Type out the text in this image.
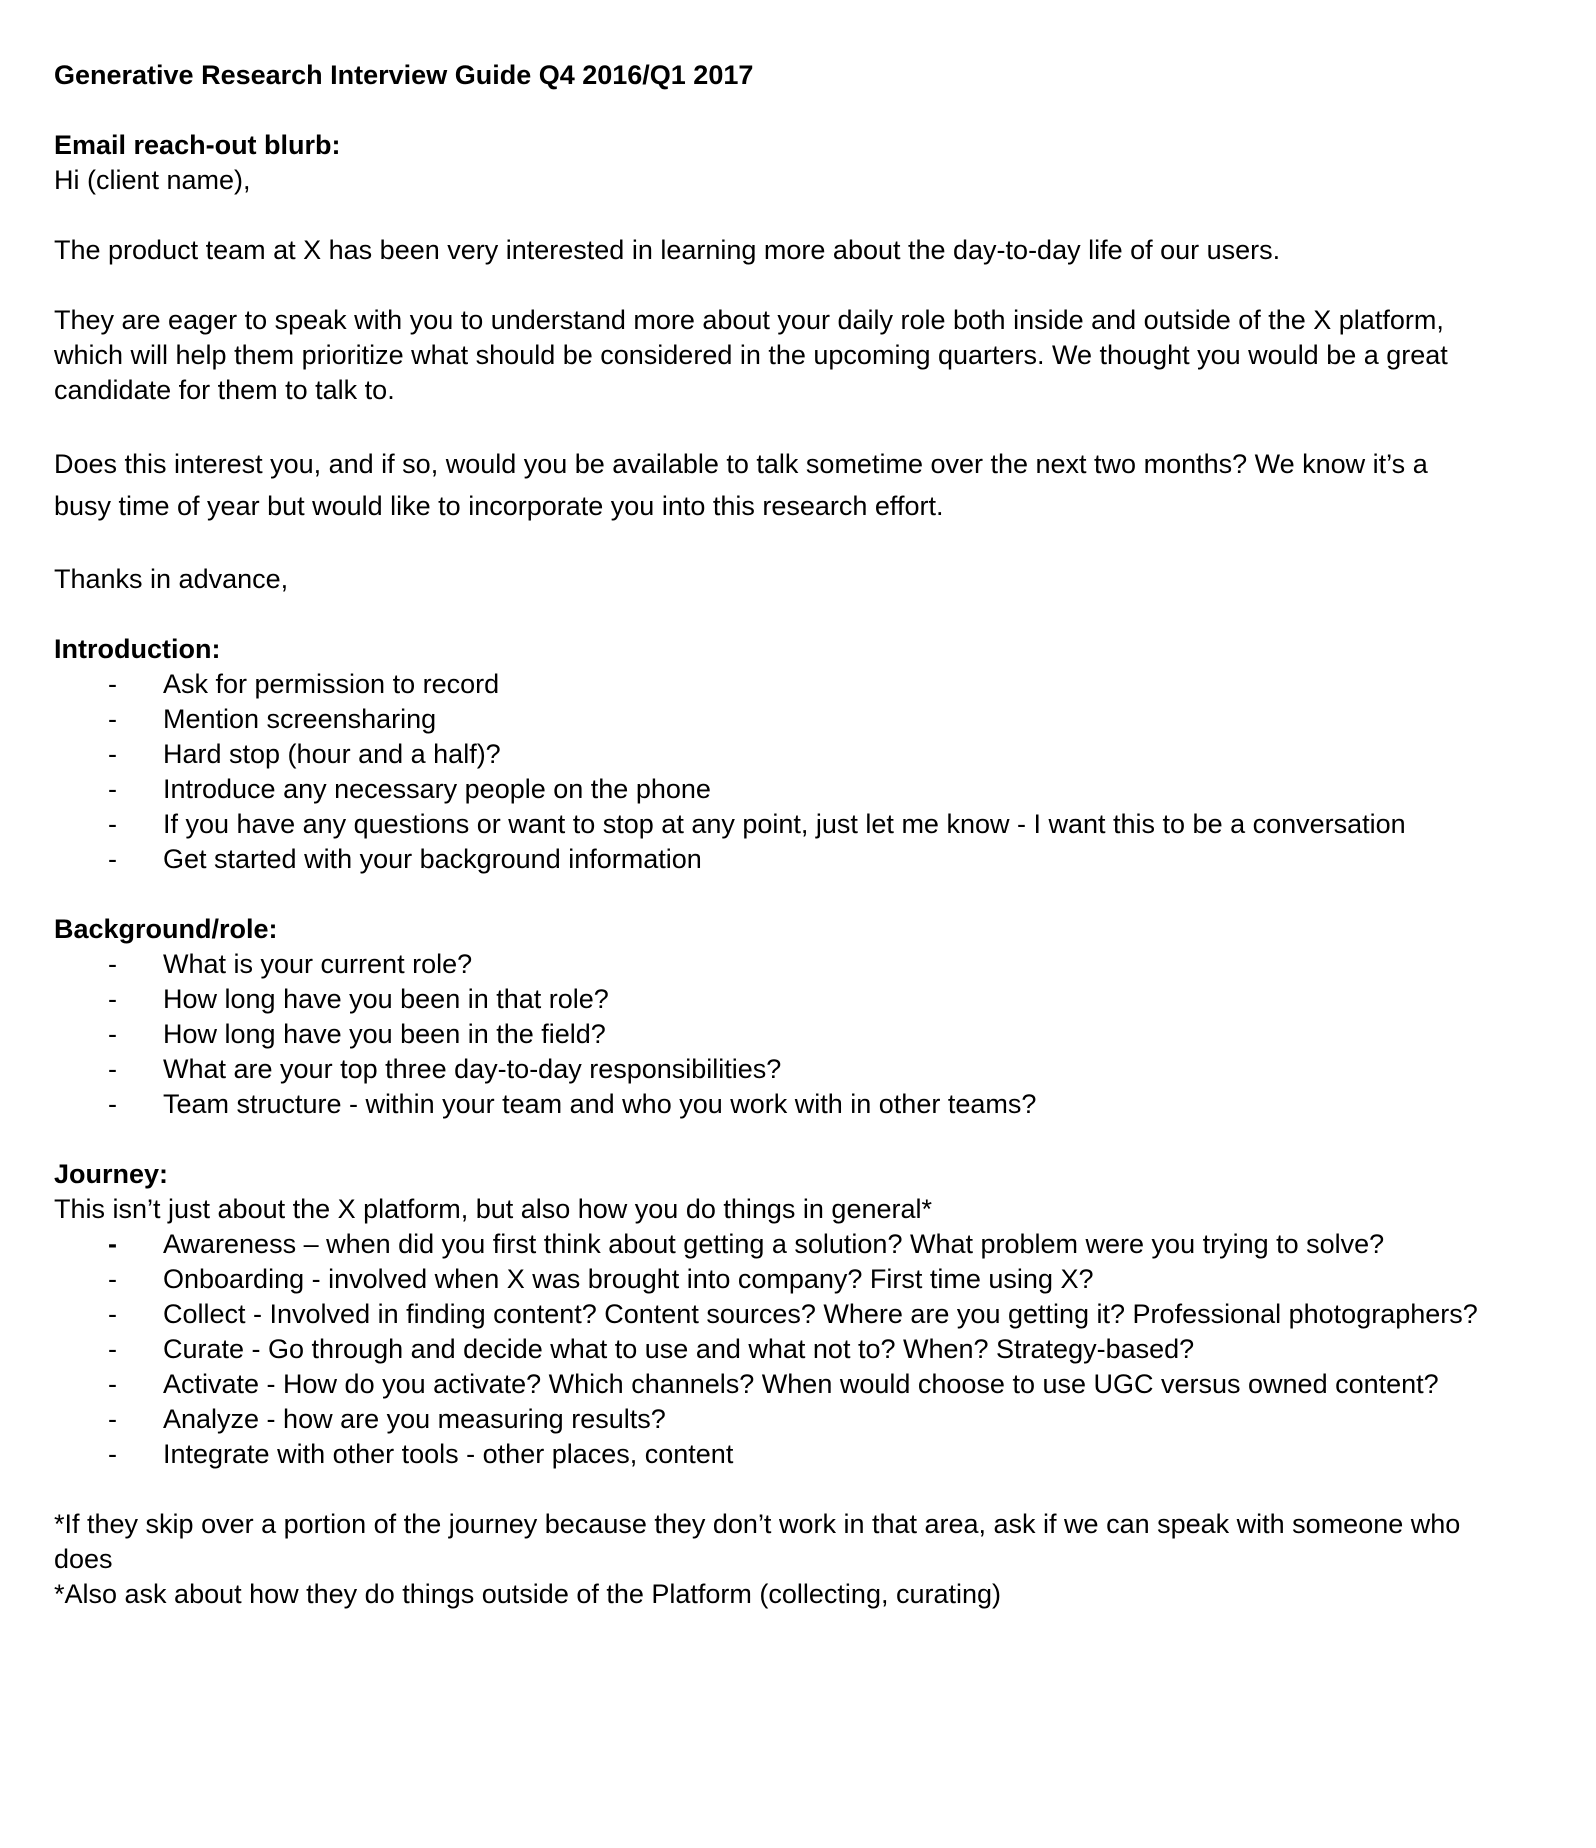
Generative Research Interview Guide Q4 2016/Q1 2017

Email reach-out blurb:

Hi (client name),

The product team at X has been very interested in learning more about the day-to-day life of our users.

They are eager to speak with you to understand more about your daily role both inside and outside of the X platform, which will help them prioritize what should be considered in the upcoming quarters. We thought you would be a great candidate for them to talk to.

Does this interest you, and if so, would you be available to talk sometime over the next two months? We know it’s a busy time of year but would like to incorporate you into this research effort.

Thanks in advance,

Introduction:

-	Ask for permission to record
-	Mention screensharing
-	Hard stop (hour and a half)?
-	Introduce any necessary people on the phone
-	If you have any questions or want to stop at any point, just let me know - I want this to be a conversation
-	Get started with your background information

Background/role:

-	What is your current role?
-	How long have you been in that role?
-	How long have you been in the field?
-	What are your top three day-to-day responsibilities?
-	Team structure - within your team and who you work with in other teams?

Journey:

This isn’t just about the X platform, but also how you do things in general*

-	Awareness – when did you first think about getting a solution? What problem were you trying to solve?
-	Onboarding - involved when X was brought into company? First time using X?
-	Collect - Involved in finding content? Content sources? Where are you getting it? Professional photographers?
-	Curate - Go through and decide what to use and what not to? When? Strategy-based?
-	Activate - How do you activate? Which channels? When would choose to use UGC versus owned content?
-	Analyze - how are you measuring results?
-	Integrate with other tools - other places, content

*If they skip over a portion of the journey because they don’t work in that area, ask if we can speak with someone who does

*Also ask about how they do things outside of the Platform (collecting, curating)
